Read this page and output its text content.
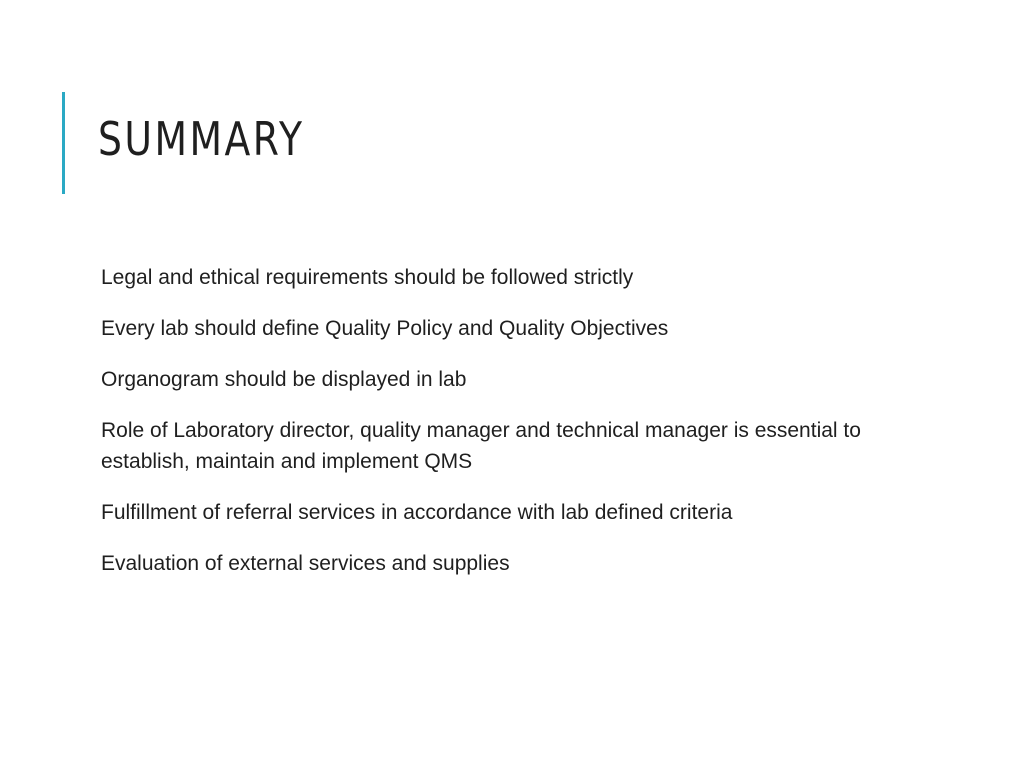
SUMMARY
Legal and ethical requirements should be followed strictly
Every lab should define Quality Policy and Quality Objectives
Organogram should be displayed in lab
Role of Laboratory director, quality manager and technical manager is essential to establish, maintain and implement QMS
Fulfillment of referral services in accordance with lab defined criteria
Evaluation of external services and supplies
